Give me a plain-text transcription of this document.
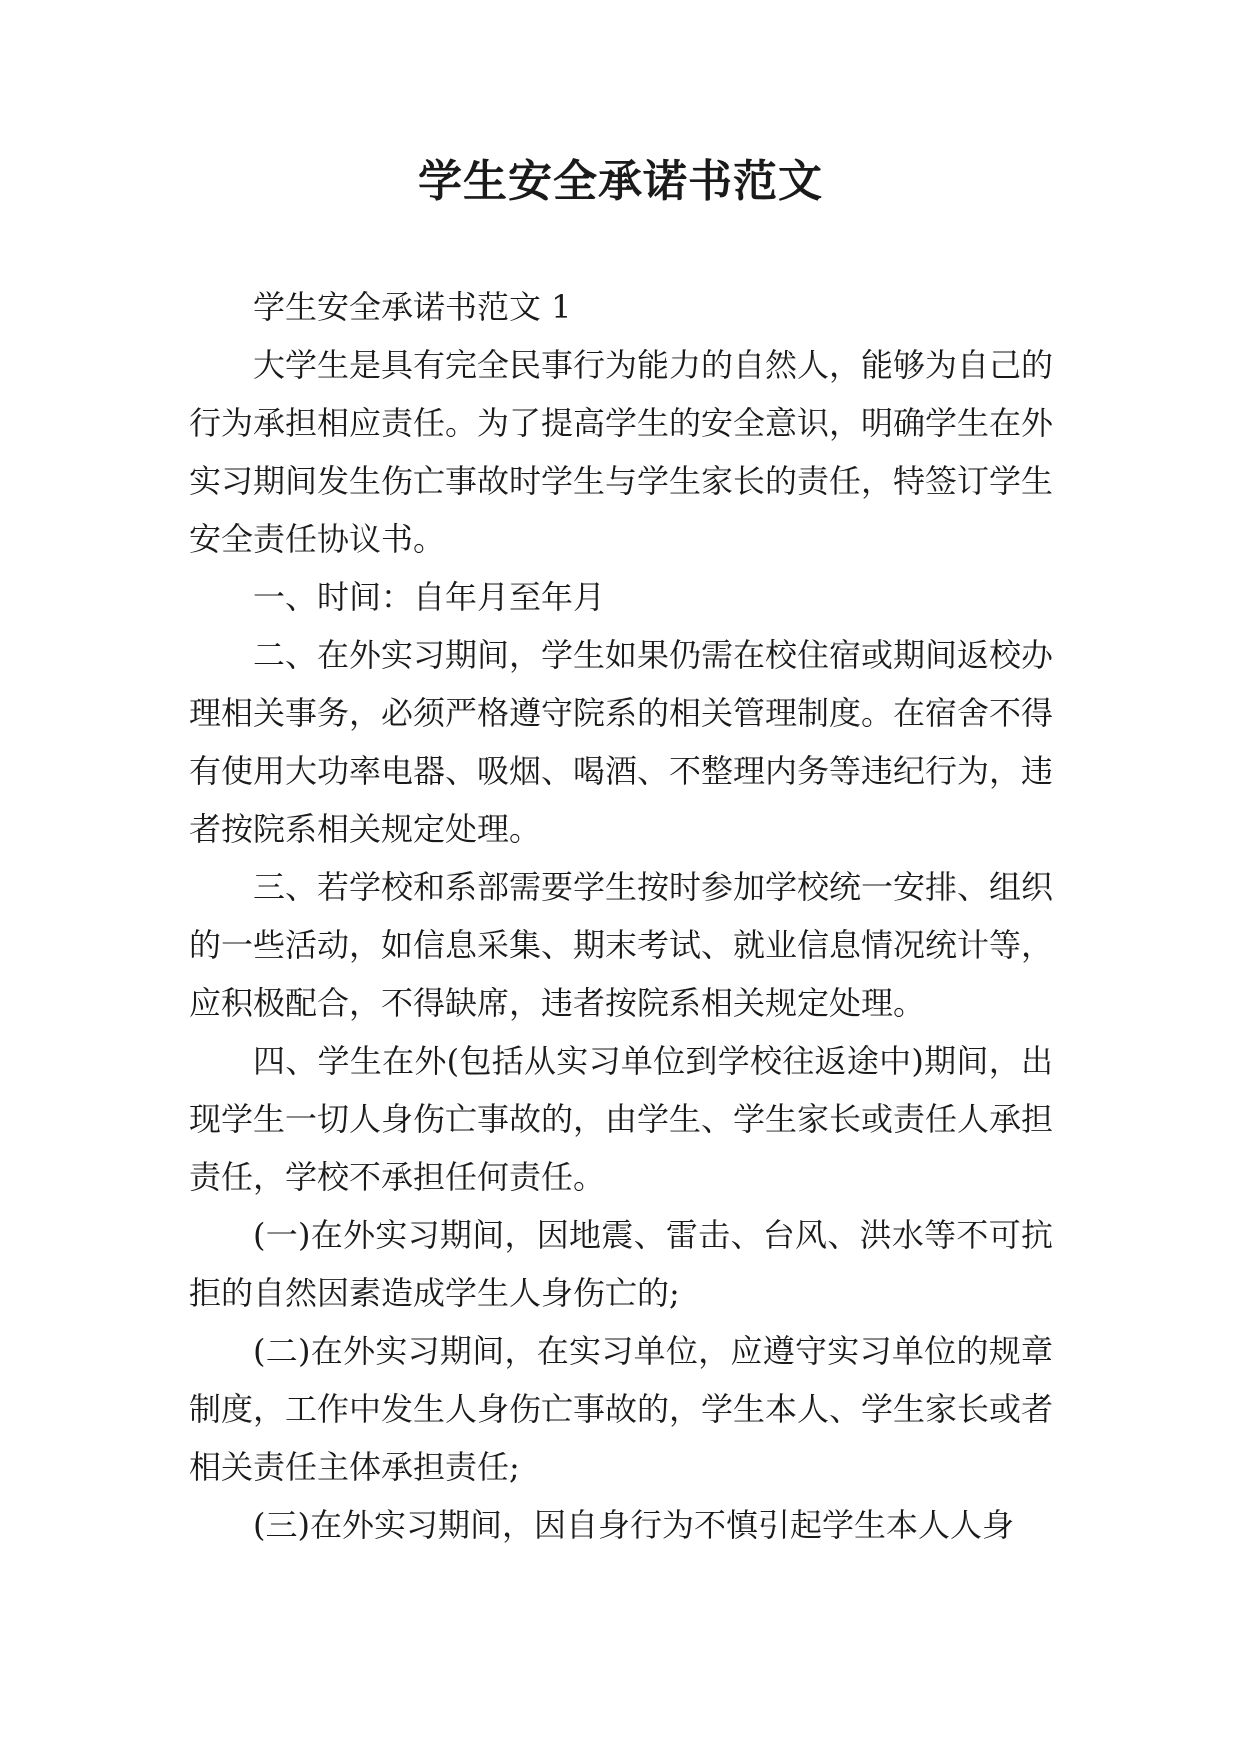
学生安全承诺书范文

学生安全承诺书范文 1

大学生是具有完全民事行为能力的自然人，能够为自己的行为承担相应责任。为了提高学生的安全意识，明确学生在外实习期间发生伤亡事故时学生与学生家长的责任，特签订学生安全责任协议书。

一、时间：自年月至年月

二、在外实习期间，学生如果仍需在校住宿或期间返校办理相关事务，必须严格遵守院系的相关管理制度。在宿舍不得有使用大功率电器、吸烟、喝酒、不整理内务等违纪行为，违者按院系相关规定处理。

三、若学校和系部需要学生按时参加学校统一安排、组织的一些活动，如信息采集、期末考试、就业信息情况统计等，应积极配合，不得缺席，违者按院系相关规定处理。

四、学生在外(包括从实习单位到学校往返途中)期间，出现学生一切人身伤亡事故的，由学生、学生家长或责任人承担责任，学校不承担任何责任。

(一)在外实习期间，因地震、雷击、台风、洪水等不可抗拒的自然因素造成学生人身伤亡的;

(二)在外实习期间，在实习单位，应遵守实习单位的规章制度，工作中发生人身伤亡事故的，学生本人、学生家长或者相关责任主体承担责任;

(三)在外实习期间，因自身行为不慎引起学生本人人身
